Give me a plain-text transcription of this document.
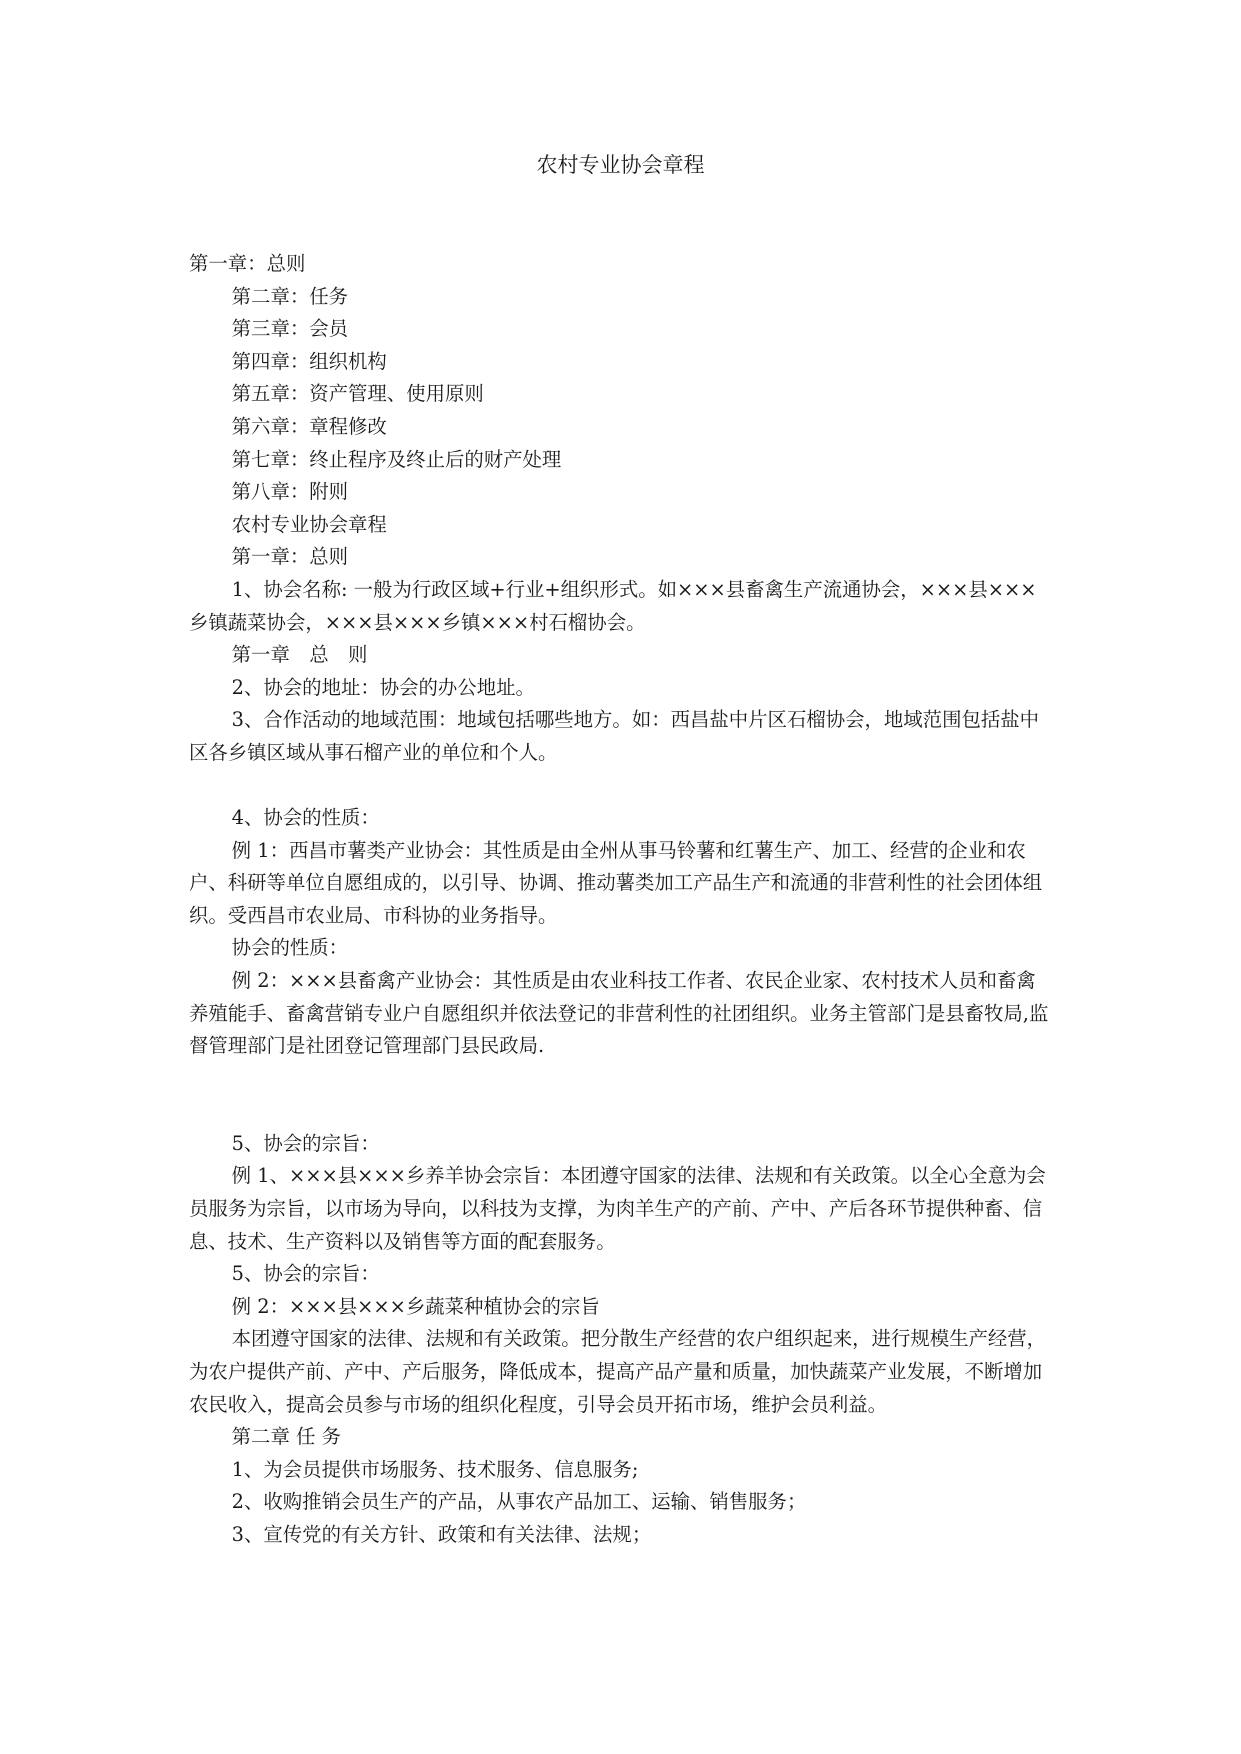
农村专业协会章程

第一章：总则

第二章：任务

第三章：会员

第四章：组织机构

第五章：资产管理、使用原则

第六章：章程修改

第七章：终止程序及终止后的财产处理

第八章：附则

农村专业协会章程

第一章：总则

1、协会名称: 一般为行政区域+行业+组织形式。如×××县畜禽生产流通协会，×××县×××乡镇蔬菜协会，×××县×××乡镇×××村石榴协会。

第一章　总　则

2、协会的地址：协会的办公地址。

3、合作活动的地域范围：地域包括哪些地方。如：西昌盐中片区石榴协会，地域范围包括盐中区各乡镇区域从事石榴产业的单位和个人。

4、协会的性质：

例 1：西昌市薯类产业协会：其性质是由全州从事马铃薯和红薯生产、加工、经营的企业和农户、科研等单位自愿组成的，以引导、协调、推动薯类加工产品生产和流通的非营利性的社会团体组织。受西昌市农业局、市科协的业务指导。

协会的性质：

例 2：×××县畜禽产业协会：其性质是由农业科技工作者、农民企业家、农村技术人员和畜禽养殖能手、畜禽营销专业户自愿组织并依法登记的非营利性的社团组织。业务主管部门是县畜牧局,监督管理部门是社团登记管理部门县民政局.

5、协会的宗旨：

例 1、×××县×××乡养羊协会宗旨：本团遵守国家的法律、法规和有关政策。以全心全意为会员服务为宗旨，以市场为导向，以科技为支撑，为肉羊生产的产前、产中、产后各环节提供种畜、信息、技术、生产资料以及销售等方面的配套服务。

5、协会的宗旨：

例 2：×××县×××乡蔬菜种植协会的宗旨

本团遵守国家的法律、法规和有关政策。把分散生产经营的农户组织起来，进行规模生产经营，为农户提供产前、产中、产后服务，降低成本，提高产品产量和质量，加快蔬菜产业发展，不断增加农民收入，提高会员参与市场的组织化程度，引导会员开拓市场，维护会员利益。

第二章 任 务

1、为会员提供市场服务、技术服务、信息服务;

2、收购推销会员生产的产品，从事农产品加工、运输、销售服务；

3、宣传党的有关方针、政策和有关法律、法规；
